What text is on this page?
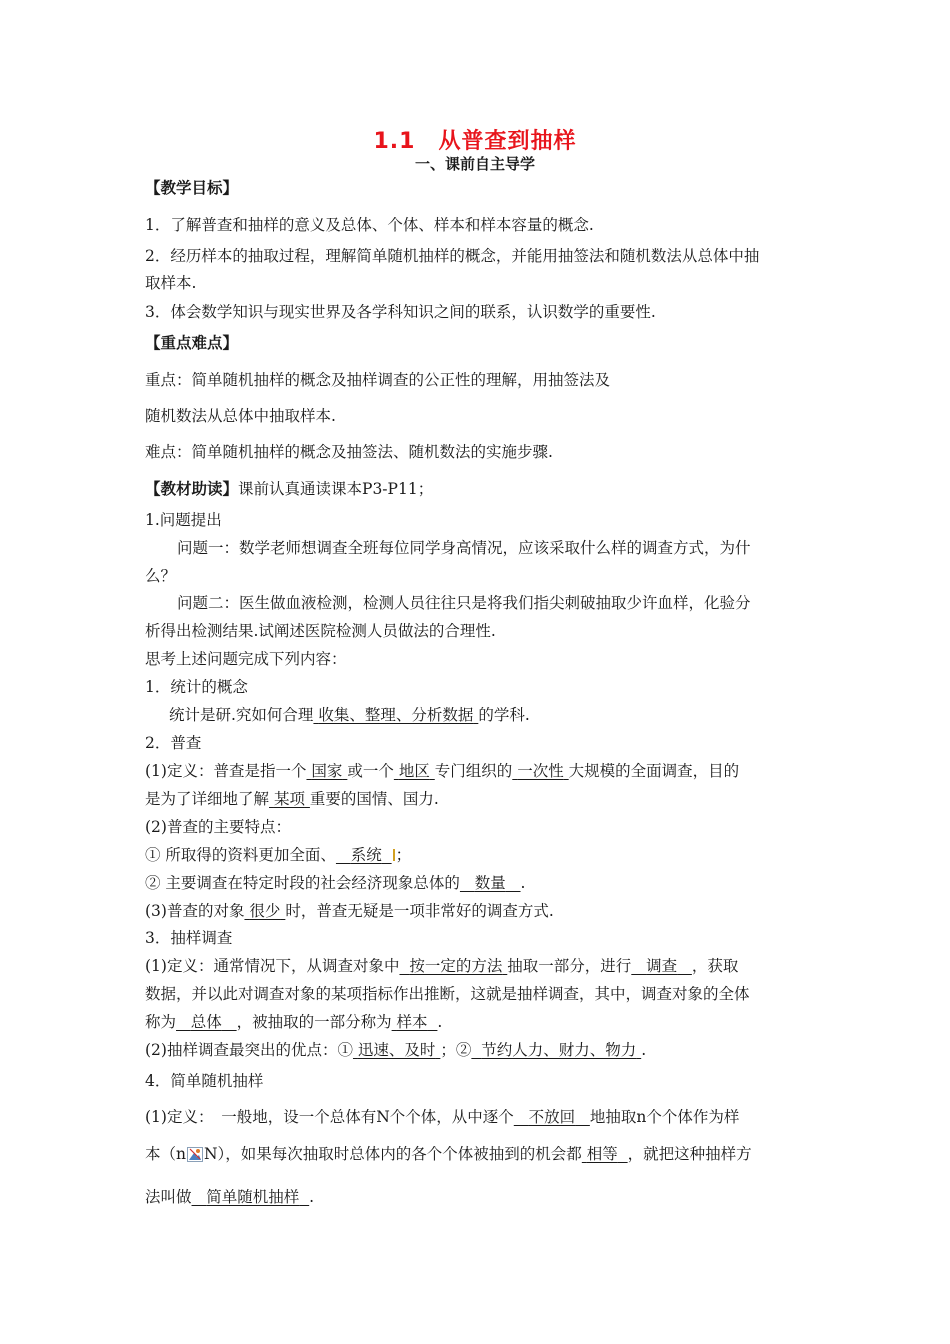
1.1　从普查到抽样
一、课前自主导学
【教学目标】
1．了解普查和抽样的意义及总体、个体、样本和样本容量的概念.
2．经历样本的抽取过程，理解简单随机抽样的概念，并能用抽签法和随机数法从总体中抽
取样本.
3．体会数学知识与现实世界及各学科知识之间的联系，认识数学的重要性.
【重点难点】
重点：简单随机抽样的概念及抽样调查的公正性的理解，用抽签法及
随机数法从总体中抽取样本.
难点：简单随机抽样的概念及抽签法、随机数法的实施步骤.
【教材助读】课前认真通读课本P3-P11；
1.问题提出
问题一：数学老师想调查全班每位同学身高情况，应该采取什么样的调查方式，为什
么？
问题二：医生做血液检测，检测人员往往只是将我们指尖刺破抽取少许血样，化验分
析得出检测结果.试阐述医院检测人员做法的合理性.
思考上述问题完成下列内容：
1．统计的概念
统计是研.究如何合理 收集、整理、分析数据 的学科.
2．普查
(1)定义：普查是指一个 国家 或一个 地区 专门组织的 一次性 大规模的全面调查，目的
是为了详细地了解 某项 重要的国情、国力.
(2)普查的主要特点：
① 所取得的资料更加全面、 系统 ；
② 主要调查在特定时段的社会经济现象总体的 数量 .
(3)普查的对象 很少 时，普查无疑是一项非常好的调查方式.
3．抽样调查
(1)定义：通常情况下，从调查对象中 按一定的方法 抽取一部分，进行 调查 ，获取
数据，并以此对调查对象的某项指标作出推断，这就是抽样调查，其中，调查对象的全体
称为 总体 ，被抽取的一部分称为 样本 .
(2)抽样调查最突出的优点：① 迅速、及时 ；② 节约人力、财力、物力 .
4．简单随机抽样
(1)定义：　一般地，设一个总体有N个个体，从中逐个 不放回 地抽取n个个体作为样
本（n N），如果每次抽取时总体内的各个个体被抽到的机会都 相等 ，就把这种抽样方
法叫做 简单随机抽样 .
